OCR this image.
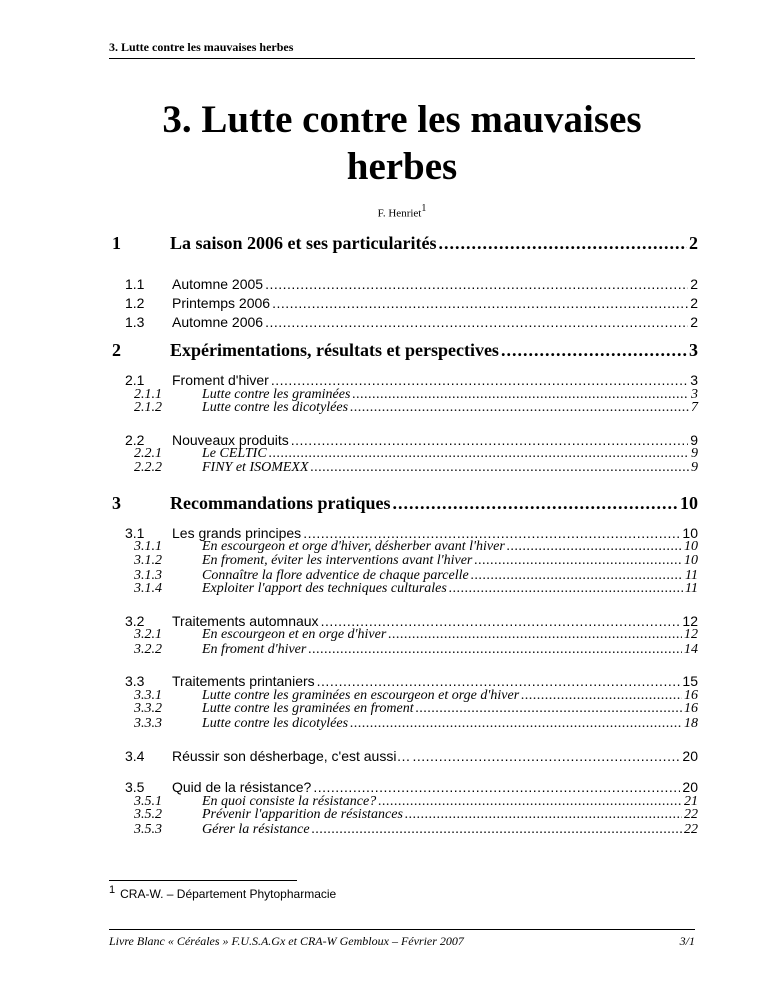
3. Lutte contre les mauvaises herbes
3. Lutte contre les mauvaises herbes
F. Henriet$^1$
1	La saison 2006 et ses particularités .....	2
1.1	Automne 2005 .....	2
1.2	Printemps 2006 .....	2
1.3	Automne 2006 .....	2
2	Expérimentations, résultats et perspectives .....	3
2.1	Froment d'hiver .....	3
2.1.1	Lutte contre les graminées .....	3
2.1.2	Lutte contre les dicotylées .....	7
2.2	Nouveaux produits .....	9
2.2.1	Le CELTIC .....	9
2.2.2	FINY et ISOMEXX .....	9
3	Recommandations pratiques .....	10
3.1	Les grands principes .....	10
3.1.1	En escourgeon et orge d'hiver, désherber avant l'hiver .....	10
3.1.2	En froment, éviter les interventions avant l'hiver .....	10
3.1.3	Connaître la flore adventice de chaque parcelle .....	11
3.1.4	Exploiter l'apport des techniques culturales .....	11
3.2	Traitements automnaux .....	12
3.2.1	En escourgeon et en orge d'hiver .....	12
3.2.2	En froment d'hiver .....	14
3.3	Traitements printaniers .....	15
3.3.1	Lutte contre les graminées en escourgeon et orge d'hiver .....	16
3.3.2	Lutte contre les graminées en froment .....	16
3.3.3	Lutte contre les dicotylées .....	18
3.4	Réussir son désherbage, c'est aussi… .....	20
3.5	Quid de la résistance? .....	20
3.5.1	En quoi consiste la résistance? .....	21
3.5.2	Prévenir l'apparition de résistances .....	22
3.5.3	Gérer la résistance .....	22
$^1$ CRA-W. – Département Phytopharmacie
Livre Blanc « Céréales » F.U.S.A.Gx et CRA-W Gembloux – Février 2007	3/1
